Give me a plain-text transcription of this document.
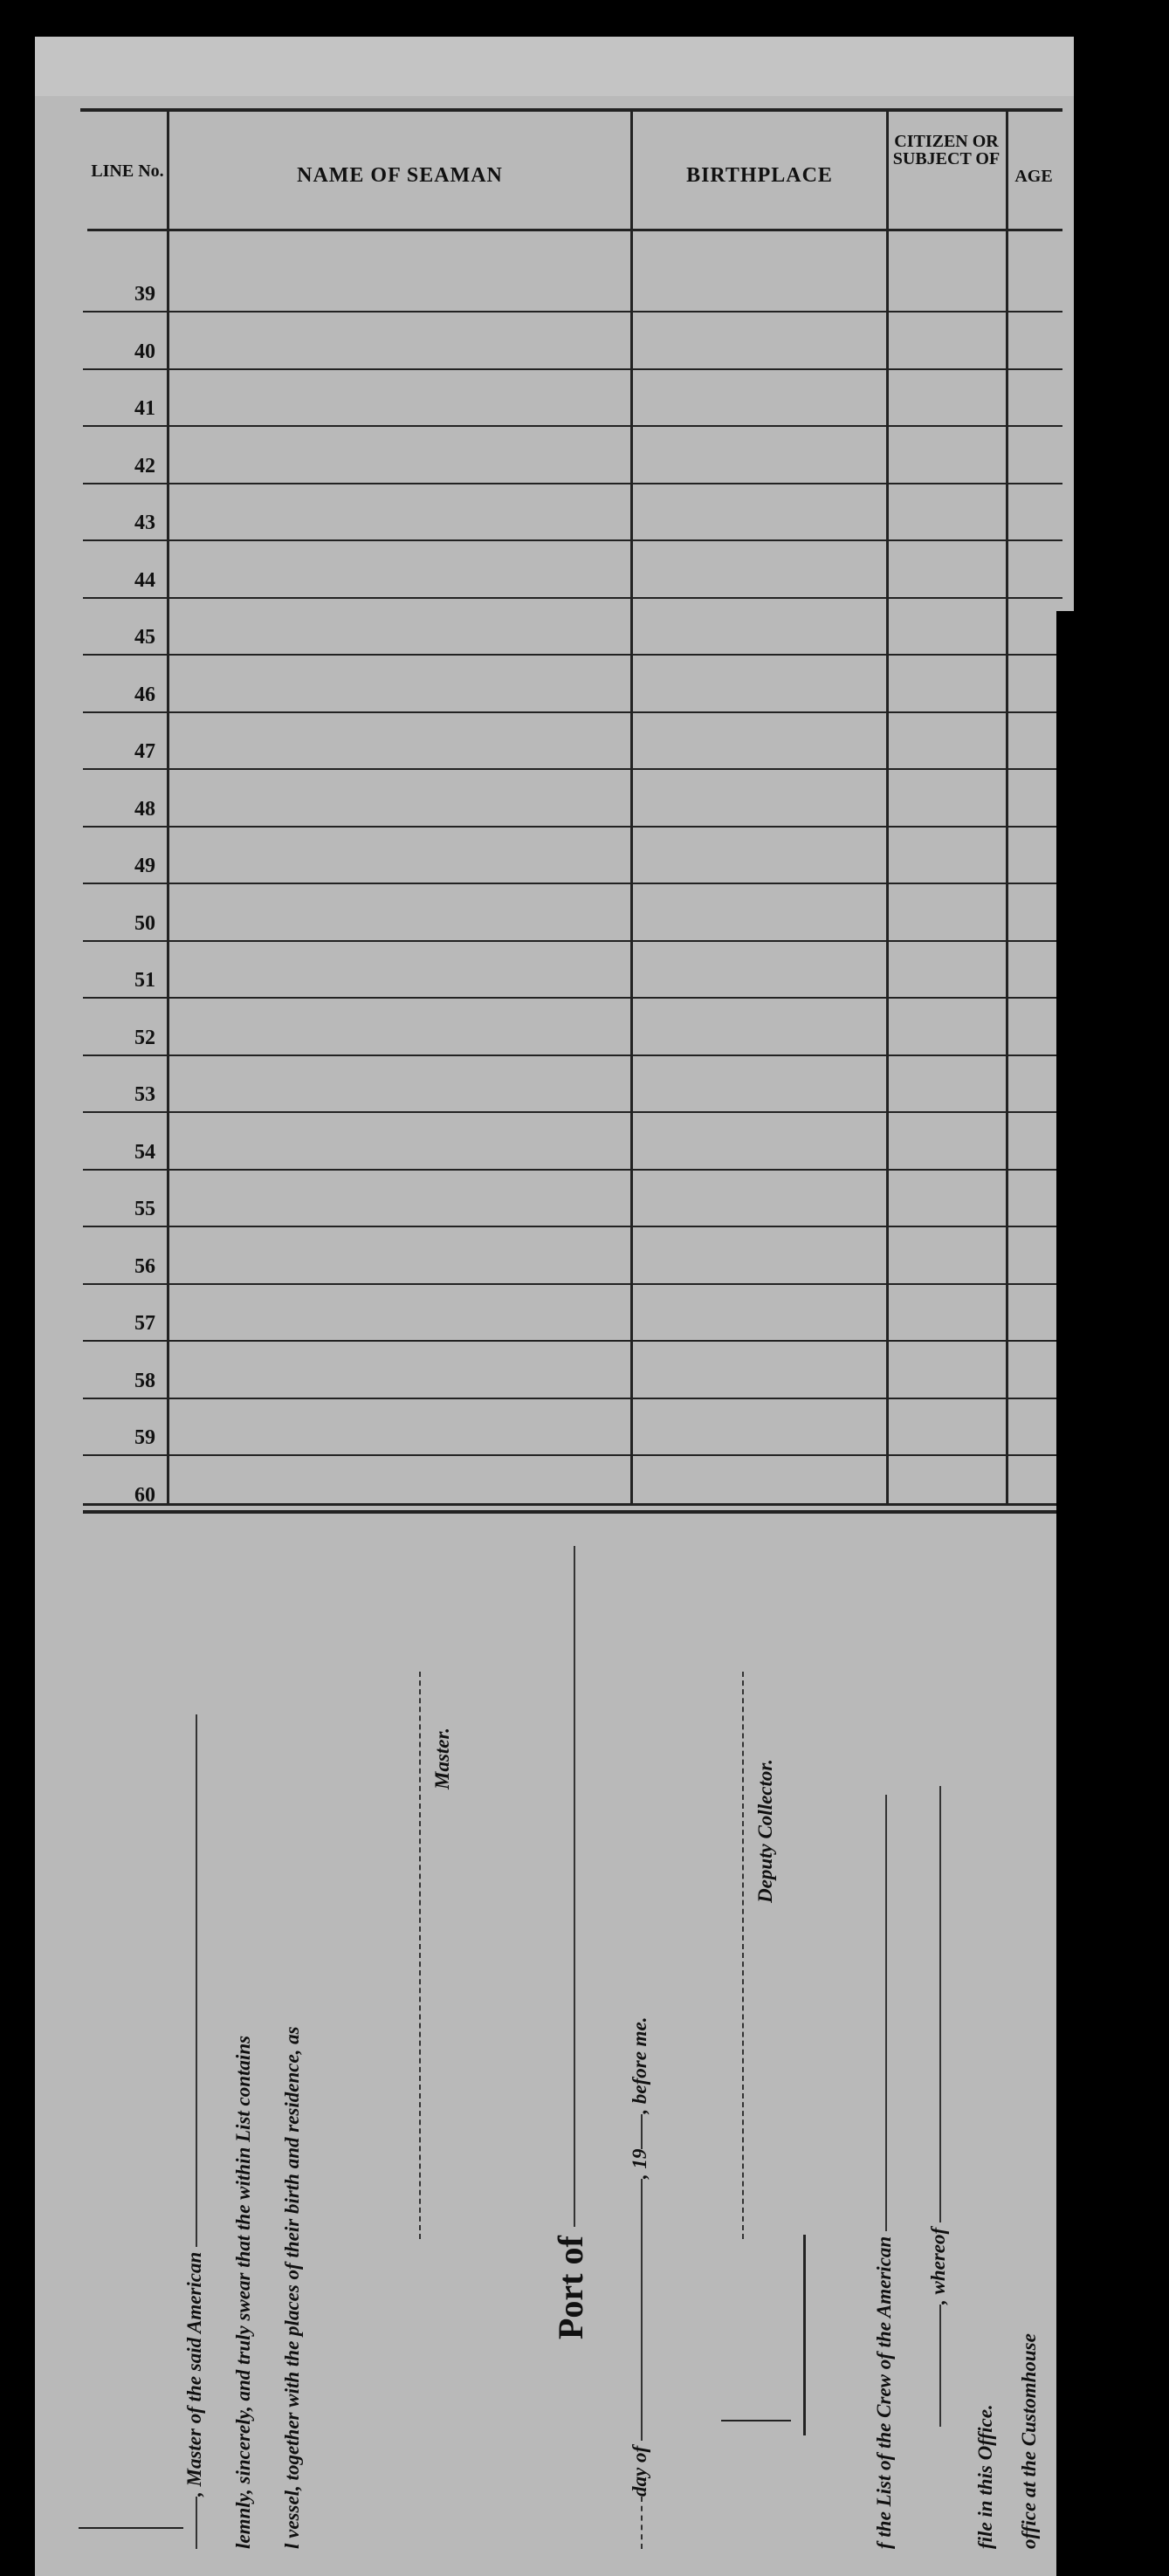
LINE No.	NAME OF SEAMAN	BIRTHPLACE
CITIZEN OR SUBJECT OF
AGE
39
40
41
42
43
44
45
46
47
48
49
50
51
52
53
54
55
56
57
58
59
60
, Master of the said American lemnly, sincerely, and truly swear that the within List contains l vessel, together with the places of their birth and residence, as
Master.
Port of
day of , 19, before me.
Deputy Collector.
f the List of the Crew of the American , whereof
file in this Office. office at the Customhouse
